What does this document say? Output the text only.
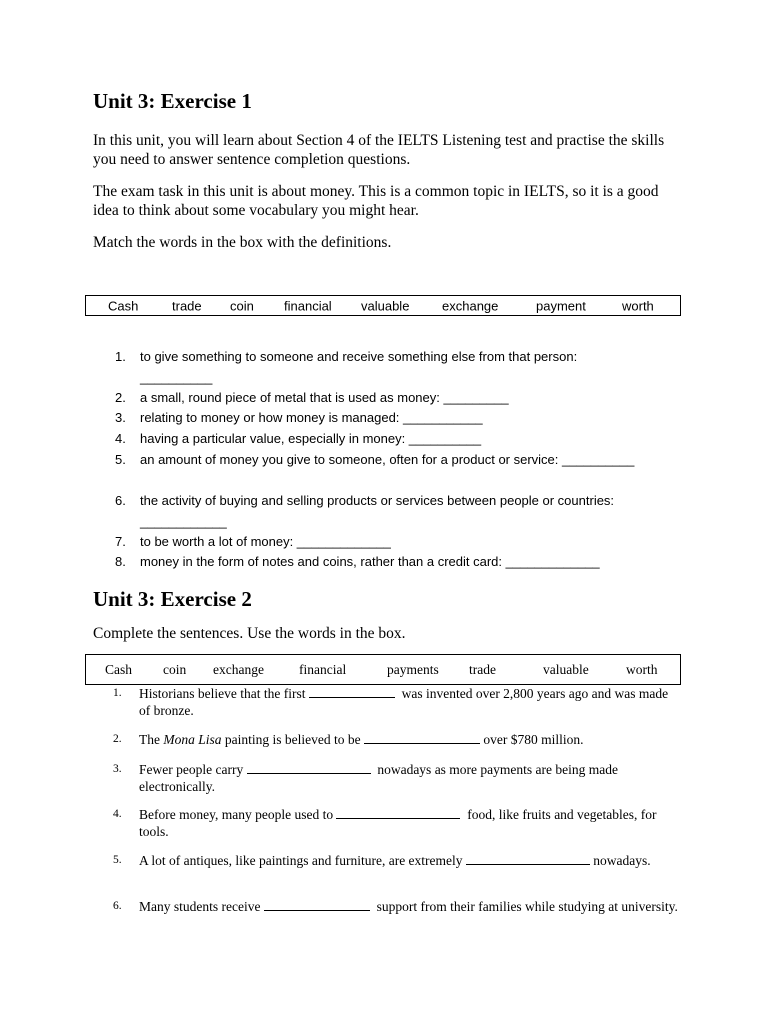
Unit 3: Exercise 1

In this unit, you will learn about Section 4 of the IELTS Listening test and practise the skills you need to answer sentence completion questions.

The exam task in this unit is about money. This is a common topic in IELTS, so it is a good idea to think about some vocabulary you might hear.

Match the words in the box with the definitions.

Cash	trade coin financial valuable	exchange	payment	worth
1. to give something to someone and receive something else from that person: __________
2. a small, round piece of metal that is used as money: _________
3. relating to money or how money is managed: ___________
4. having a particular value, especially in money: __________
5. an amount of money you give to someone, often for a product or service: __________
6. the activity of buying and selling products or services between people or countries: ____________
7. to be worth a lot of money: _____________
8. money in the form of notes and coins, rather than a credit card: _____________
Unit 3: Exercise 2

Complete the sentences. Use the words in the box.

Cash coin exchange	financial	payments trade	valuable	worth
1. Historians believe that the first	was invented over 2,800 years ago and was made of bronze.
2. The Mona Lisa painting is believed to be	over $780 million.
3. Fewer people carry	nowadays as more payments are being made electronically.
4. Before money, many people used to	food, like fruits and vegetables, for tools.
5. A lot of antiques, like paintings and furniture, are extremely	nowadays.
6. Many students receive	support from their families while studying at university.
